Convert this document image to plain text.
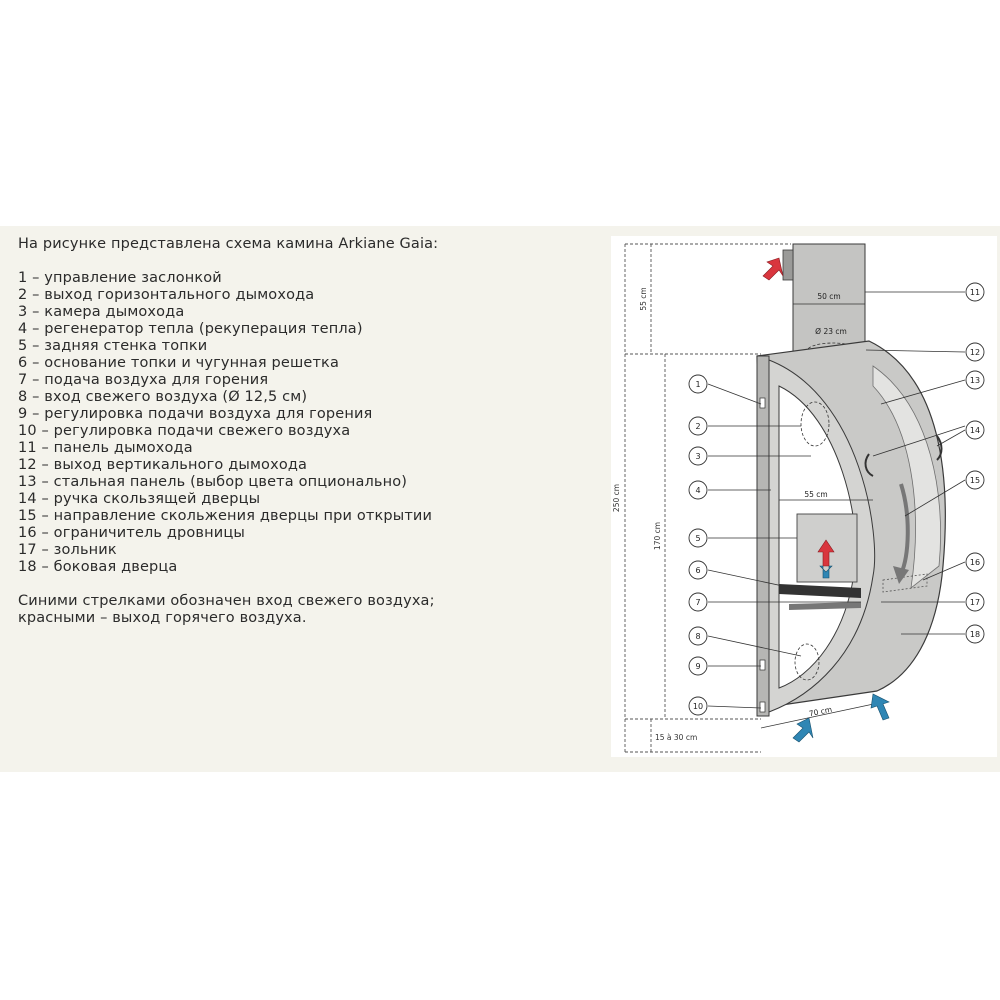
На рисунке представлена схема камина Arkiane Gaia:

1 – управление заслонкой

2 – выход горизонтального дымохода

3 – камера дымохода

4 – регенератор тепла (рекуперация тепла)

5 – задняя стенка топки

6 – основание топки и чугунная решетка

7 – подача воздуха для горения

8 – вход свежего воздуха (Ø 12,5 см)

9 – регулировка подачи воздуха для горения

10 – регулировка подачи свежего воздуха

11 – панель дымохода

12 – выход вертикального дымохода

13 – стальная панель (выбор цвета опционально)

14 – ручка скользящей дверцы

15 – направление скольжения дверцы при открытии

16 – ограничитель дровницы

17 – зольник

18 – боковая дверца

Синими стрелками обозначен вход свежего воздуха;

красными – выход горячего воздуха.

250 cm
55 cm
170 cm
15 à 30 cm
50 cm
Ø 23 cm
55 cm
70 cm
1
2
3
4
5
6
7
8
9
10
11
12
13
14
15
16
17
18
